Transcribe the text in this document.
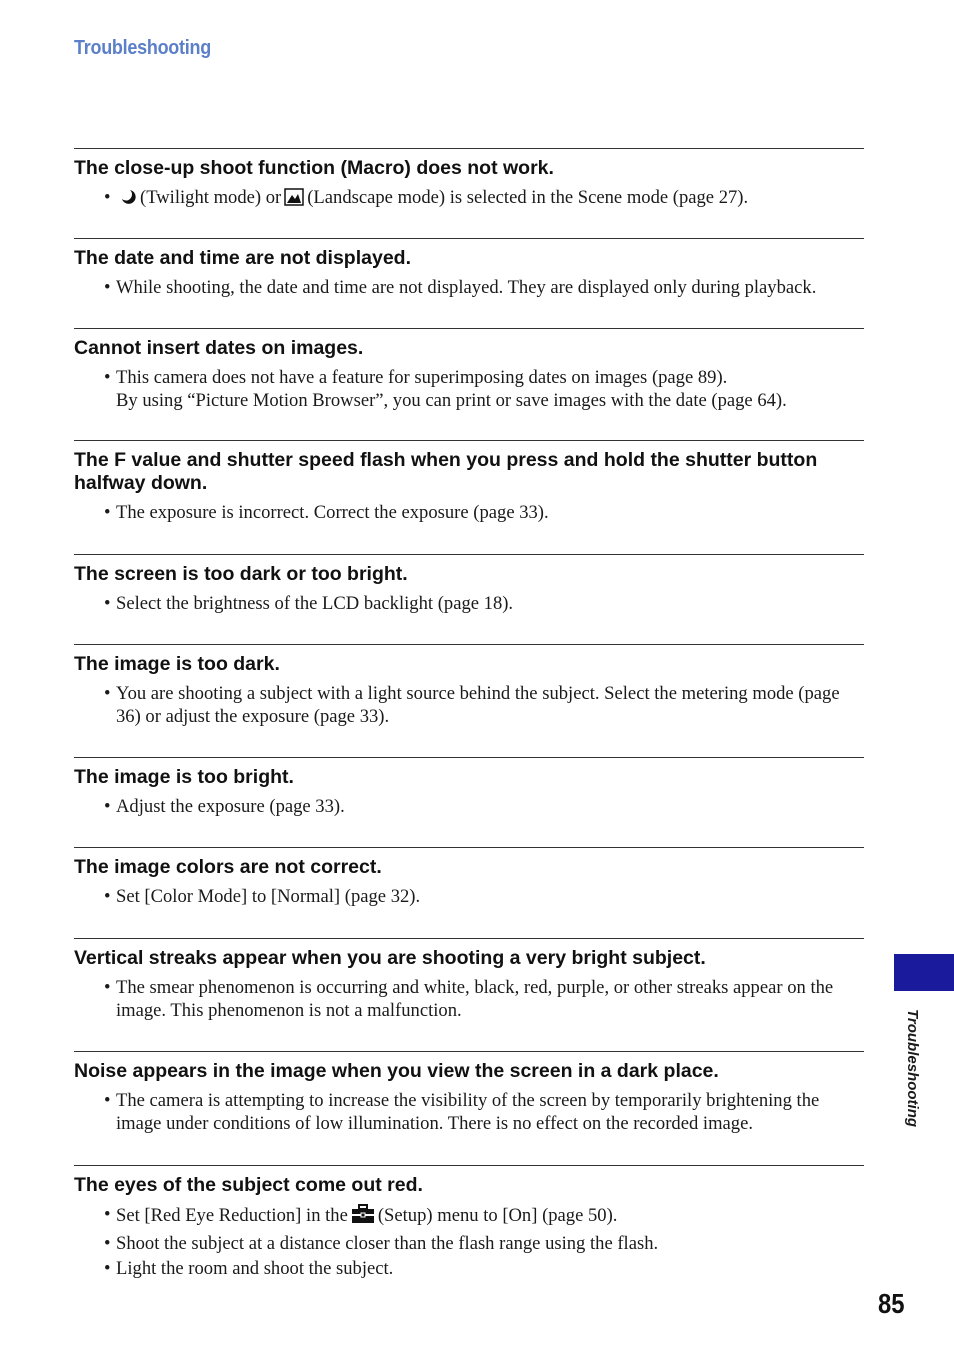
Troubleshooting
The close-up shoot function (Macro) does not work.
• (Twilight mode) or (Landscape mode) is selected in the Scene mode (page 27).
The date and time are not displayed.
• While shooting, the date and time are not displayed. They are displayed only during playback.
Cannot insert dates on images.
• This camera does not have a feature for superimposing dates on images (page 89).
By using “Picture Motion Browser”, you can print or save images with the date (page 64).
The F value and shutter speed flash when you press and hold the shutter button halfway down.
• The exposure is incorrect. Correct the exposure (page 33).
The screen is too dark or too bright.
• Select the brightness of the LCD backlight (page 18).
The image is too dark.
• You are shooting a subject with a light source behind the subject. Select the metering mode (page 36) or adjust the exposure (page 33).
The image is too bright.
• Adjust the exposure (page 33).
The image colors are not correct.
• Set [Color Mode] to [Normal] (page 32).
Vertical streaks appear when you are shooting a very bright subject.
• The smear phenomenon is occurring and white, black, red, purple, or other streaks appear on the image. This phenomenon is not a malfunction.
Noise appears in the image when you view the screen in a dark place.
• The camera is attempting to increase the visibility of the screen by temporarily brightening the image under conditions of low illumination. There is no effect on the recorded image.
The eyes of the subject come out red.
• Set [Red Eye Reduction] in the (Setup) menu to [On] (page 50).
• Shoot the subject at a distance closer than the flash range using the flash.
• Light the room and shoot the subject.
Troubleshooting
85
